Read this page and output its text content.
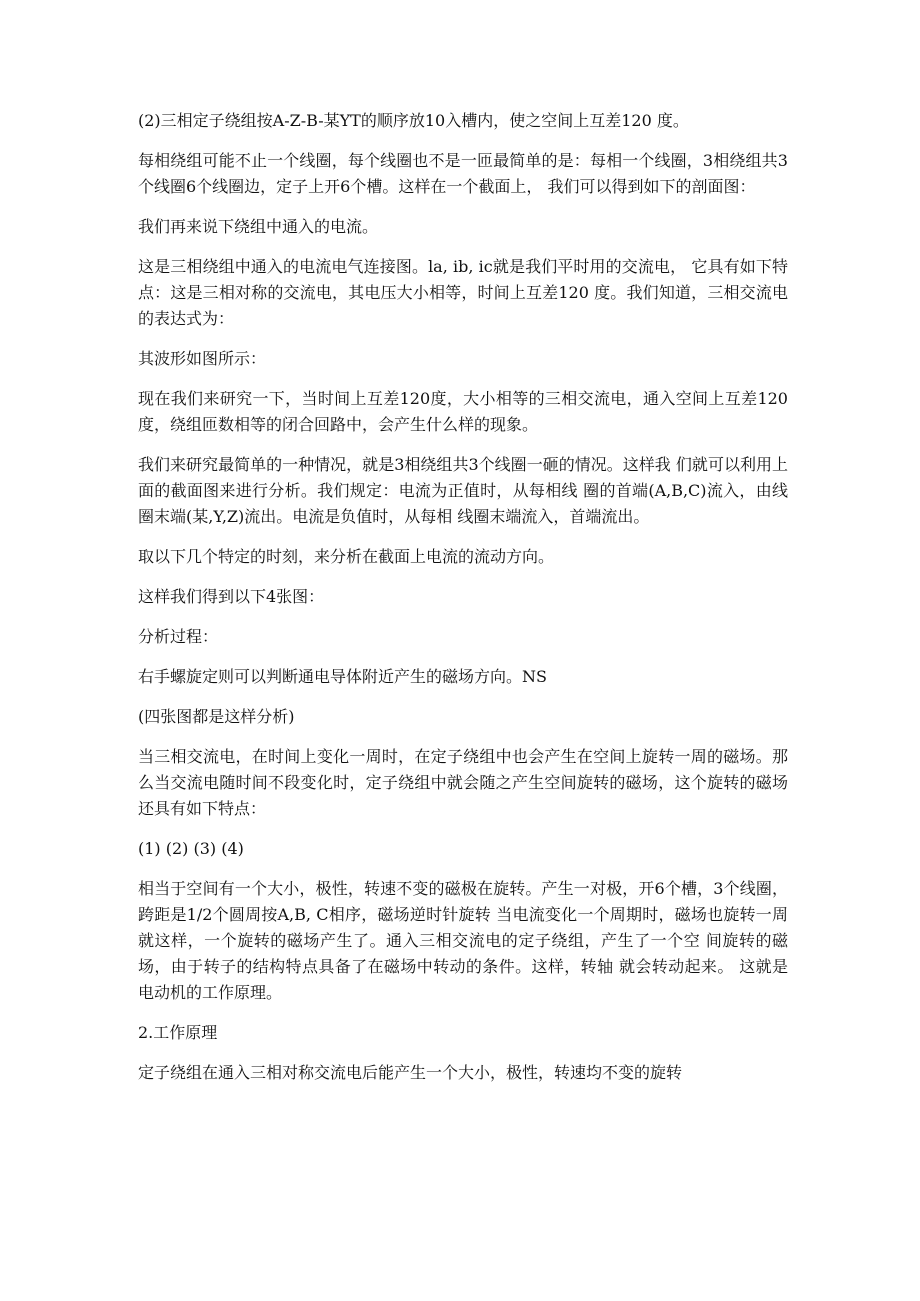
(2)三相定子绕组按A-Z-B-某YT的顺序放10入槽内，使之空间上互差120 度。

每相绕组可能不止一个线圈，每个线圈也不是一匝最简单的是：每相一个线圈，3相绕组共3个线圈6个线圈边，定子上开6个槽。这样在一个截面上， 我们可以得到如下的剖面图：

我们再来说下绕组中通入的电流。

这是三相绕组中通入的电流电气连接图。la, ib, ic就是我们平时用的交流电， 它具有如下特点：这是三相对称的交流电，其电压大小相等，时间上互差120 度。我们知道，三相交流电的表达式为：

其波形如图所示：

现在我们来研究一下，当时间上互差120度，大小相等的三相交流电，通入空间上互差120度，绕组匝数相等的闭合回路中，会产生什么样的现象。

我们来研究最简单的一种情况，就是3相绕组共3个线圈一砸的情况。这样我 们就可以利用上面的截面图来进行分析。我们规定：电流为正值时，从每相线 圈的首端(A,B,C)流入，由线圈末端(某,Y,Z)流出。电流是负值时，从每相 线圈末端流入，首端流出。

取以下几个特定的时刻，来分析在截面上电流的流动方向。

这样我们得到以下4张图：

分析过程：

右手螺旋定则可以判断通电导体附近产生的磁场方向。NS

(四张图都是这样分析)

当三相交流电，在时间上变化一周时，在定子绕组中也会产生在空间上旋转一周的磁场。那么当交流电随时间不段变化时，定子绕组中就会随之产生空间旋转的磁场，这个旋转的磁场还具有如下特点：

(1) (2) (3) (4)

相当于空间有一个大小，极性，转速不变的磁极在旋转。产生一对极，开6个槽，3个线圈，跨距是1/2个圆周按A,B, C相序，磁场逆时针旋转 当电流变化一个周期时，磁场也旋转一周 就这样，一个旋转的磁场产生了。通入三相交流电的定子绕组，产生了一个空 间旋转的磁场，由于转子的结构特点具备了在磁场中转动的条件。这样，转轴 就会转动起来。 这就是电动机的工作原理。

2.工作原理

定子绕组在通入三相对称交流电后能产生一个大小，极性，转速均不变的旋转
